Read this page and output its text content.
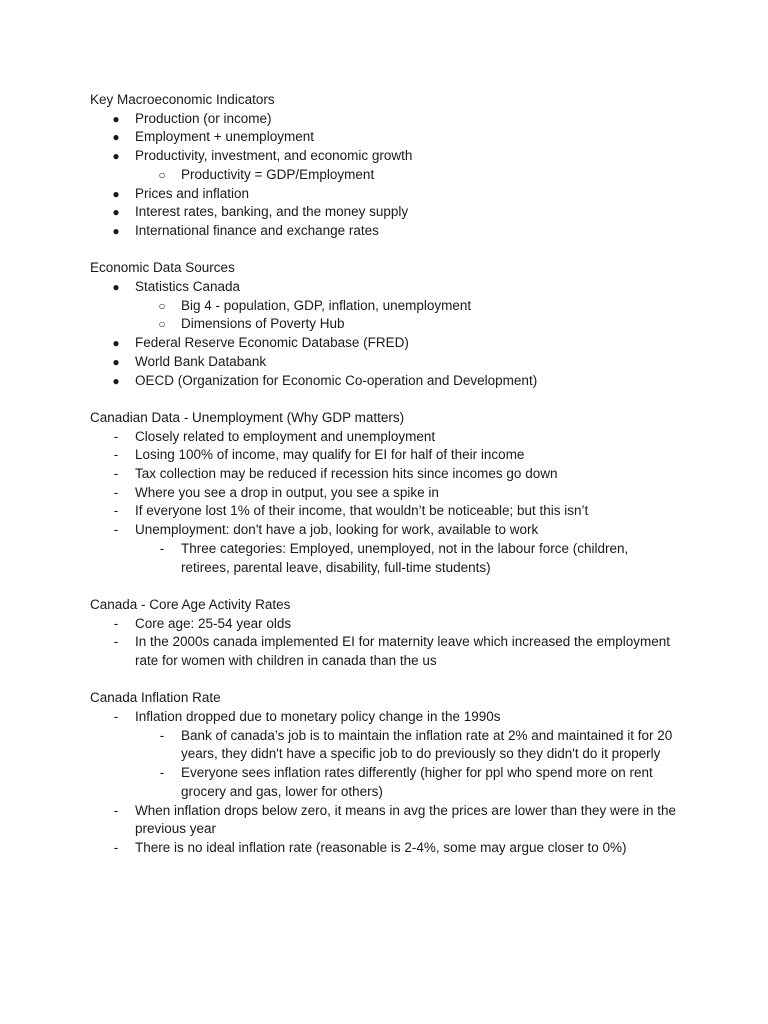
Key Macroeconomic Indicators
● Production (or income)
● Employment + unemployment
● Productivity, investment, and economic growth
○ Productivity = GDP/Employment
● Prices and inflation
● Interest rates, banking, and the money supply
● International finance and exchange rates
Economic Data Sources
● Statistics Canada
○ Big 4 - population, GDP, inflation, unemployment
○ Dimensions of Poverty Hub
● Federal Reserve Economic Database (FRED)
● World Bank Databank
● OECD (Organization for Economic Co-operation and Development)
Canadian Data - Unemployment (Why GDP matters)
-	Closely related to employment and unemployment
-	Losing 100% of income, may qualify for EI for half of their income
-	Tax collection may be reduced if recession hits since incomes go down
-	Where you see a drop in output, you see a spike in
-	If everyone lost 1% of their income, that wouldn’t be noticeable; but this isn’t
-	Unemployment: don't have a job, looking for work, available to work
-	Three categories: Employed, unemployed, not in the labour force (children, retirees, parental leave, disability, full-time students)
Canada - Core Age Activity Rates
-	Core age: 25-54 year olds
-	In the 2000s canada implemented EI for maternity leave which increased the employment rate for women with children in canada than the us
Canada Inflation Rate
-	Inflation dropped due to monetary policy change in the 1990s
-	Bank of canada’s job is to maintain the inflation rate at 2% and maintained it for 20 years, they didn't have a specific job to do previously so they didn't do it properly
-	Everyone sees inflation rates differently (higher for ppl who spend more on rent grocery and gas, lower for others)
-	When inflation drops below zero, it means in avg the prices are lower than they were in the previous year
-	There is no ideal inflation rate (reasonable is 2-4%, some may argue closer to 0%)
